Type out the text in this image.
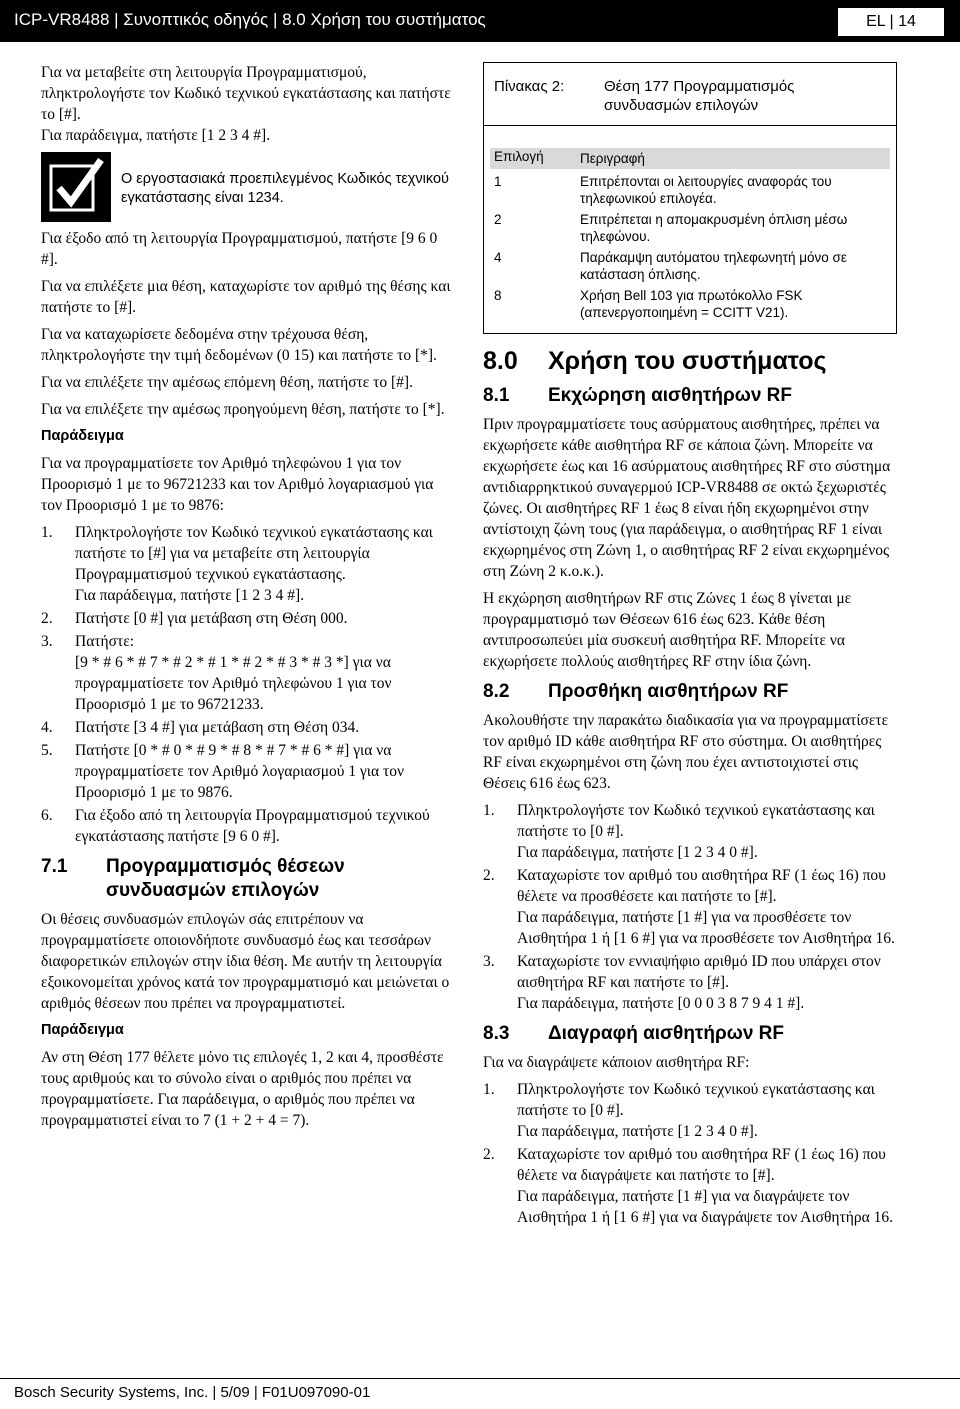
ICP-VR8488 | Συνοπτικός οδηγός | 8.0 Χρήση του συστήματος	EL | 14

Για να μεταβείτε στη λειτουργία Προγραμματισμού, πληκτρολογήστε τον Κωδικό τεχνικού εγκατάστασης και πατήστε το [#].
Για παράδειγμα, πατήστε [1 2 3 4 #].

Ο εργοστασιακά προεπιλεγμένος Κωδικός τεχνικού εγκατάστασης είναι 1234.

Για έξοδο από τη λειτουργία Προγραμματισμού, πατήστε [9 6 0 #].

Για να επιλέξετε μια θέση, καταχωρίστε τον αριθμό της θέσης και πατήστε το [#].

Για να καταχωρίσετε δεδομένα στην τρέχουσα θέση, πληκτρολογήστε την τιμή δεδομένων (0 15) και πατήστε το [*].

Για να επιλέξετε την αμέσως επόμενη θέση, πατήστε το [#].

Για να επιλέξετε την αμέσως προηγούμενη θέση, πατήστε το [*].

Παράδειγμα

Για να προγραμματίσετε τον Αριθμό τηλεφώνου 1 για τον Προορισμό 1 με το 96721233 και τον Αριθμό λογαριασμού για τον Προορισμό 1 με το 9876:

1. Πληκτρολογήστε τον Κωδικό τεχνικού εγκατάστασης και πατήστε το [#] για να μεταβείτε στη λειτουργία Προγραμματισμού τεχνικού εγκατάστασης.
Για παράδειγμα, πατήστε [1 2 3 4 #].
2. Πατήστε [0 #] για μετάβαση στη Θέση 000.
3. Πατήστε:
[9 * # 6 * # 7 * # 2 * # 1 * # 2 * # 3 * # 3 *] για να προγραμματίσετε τον Αριθμό τηλεφώνου 1 για τον Προορισμό 1 με το 96721233.
4. Πατήστε [3 4 #] για μετάβαση στη Θέση 034.
5. Πατήστε [0 * # 0 * # 9 * # 8 * # 7 * # 6 * #] για να προγραμματίσετε τον Αριθμό λογαριασμού 1 για τον Προορισμό 1 με το 9876.
6. Για έξοδο από τη λειτουργία Προγραμματισμού τεχνικού εγκατάστασης πατήστε [9 6 0 #].
7.1 Προγραμματισμός θέσεων συνδυασμών επιλογών

Οι θέσεις συνδυασμών επιλογών σάς επιτρέπουν να προγραμματίσετε οποιονδήποτε συνδυασμό έως και τεσσάρων διαφορετικών επιλογών στην ίδια θέση. Με αυτήν τη λειτουργία εξοικονομείται χρόνος κατά τον προγραμματισμό και μειώνεται ο αριθμός θέσεων που πρέπει να προγραμματιστεί.

Παράδειγμα

Αν στη Θέση 177 θέλετε μόνο τις επιλογές 1, 2 και 4, προσθέστε τους αριθμούς και το σύνολο είναι ο αριθμός που πρέπει να προγραμματίσετε. Για παράδειγμα, ο αριθμός που πρέπει να προγραμματιστεί είναι το 7 (1 + 2 + 4 = 7).

Πίνακας 2:	Θέση 177 Προγραμματισμός συνδυασμών επιλογών
Επιλογή	Περιγραφή
1	Επιτρέπονται οι λειτουργίες αναφοράς του τηλεφωνικού επιλογέα.
2	Επιτρέπεται η απομακρυσμένη όπλιση μέσω τηλεφώνου.
4	Παράκαμψη αυτόματου τηλεφωνητή μόνο σε κατάσταση όπλισης.
8	Χρήση Bell 103 για πρωτόκολλο FSK (απενεργοποιημένη = CCITT V21).
8.0 Χρήση του συστήματος
8.1 Εκχώρηση αισθητήρων RF

Πριν προγραμματίσετε τους ασύρματους αισθητήρες, πρέπει να εκχωρήσετε κάθε αισθητήρα RF σε κάποια ζώνη. Μπορείτε να εκχωρήσετε έως και 16 ασύρματους αισθητήρες RF στο σύστημα αντιδιαρρηκτικού συναγερμού ICP-VR8488 σε οκτώ ξεχωριστές ζώνες. Οι αισθητήρες RF 1 έως 8 είναι ήδη εκχωρημένοι στην αντίστοιχη ζώνη τους (για παράδειγμα, ο αισθητήρας RF 1 είναι εκχωρημένος στη Ζώνη 1, ο αισθητήρας RF 2 είναι εκχωρημένος στη Ζώνη 2 κ.ο.κ.).

Η εκχώρηση αισθητήρων RF στις Ζώνες 1 έως 8 γίνεται με προγραμματισμό των Θέσεων 616 έως 623. Κάθε θέση αντιπροσωπεύει μία συσκευή αισθητήρα RF. Μπορείτε να εκχωρήσετε πολλούς αισθητήρες RF στην ίδια ζώνη.

8.2 Προσθήκη αισθητήρων RF

Ακολουθήστε την παρακάτω διαδικασία για να προγραμματίσετε τον αριθμό ID κάθε αισθητήρα RF στο σύστημα. Οι αισθητήρες RF είναι εκχωρημένοι στη ζώνη που έχει αντιστοιχιστεί στις Θέσεις 616 έως 623.

1. Πληκτρολογήστε τον Κωδικό τεχνικού εγκατάστασης και πατήστε το [0 #].
Για παράδειγμα, πατήστε [1 2 3 4 0 #].
2. Καταχωρίστε τον αριθμό του αισθητήρα RF (1 έως 16) που θέλετε να προσθέσετε και πατήστε το [#].
Για παράδειγμα, πατήστε [1 #] για να προσθέσετε τον Αισθητήρα 1 ή [1 6 #] για να προσθέσετε τον Αισθητήρα 16.
3. Καταχωρίστε τον εννιαψήφιο αριθμό ID που υπάρχει στον αισθητήρα RF και πατήστε το [#].
Για παράδειγμα, πατήστε [0 0 0 3 8 7 9 4 1 #].
8.3 Διαγραφή αισθητήρων RF

Για να διαγράψετε κάποιον αισθητήρα RF:

1. Πληκτρολογήστε τον Κωδικό τεχνικού εγκατάστασης και πατήστε το [0 #].
Για παράδειγμα, πατήστε [1 2 3 4 0 #].
2. Καταχωρίστε τον αριθμό του αισθητήρα RF (1 έως 16) που θέλετε να διαγράψετε και πατήστε το [#].
Για παράδειγμα, πατήστε [1 #] για να διαγράψετε τον Αισθητήρα 1 ή [1 6 #] για να διαγράψετε τον Αισθητήρα 16.
Bosch Security Systems, Inc. | 5/09 | F01U097090-01
